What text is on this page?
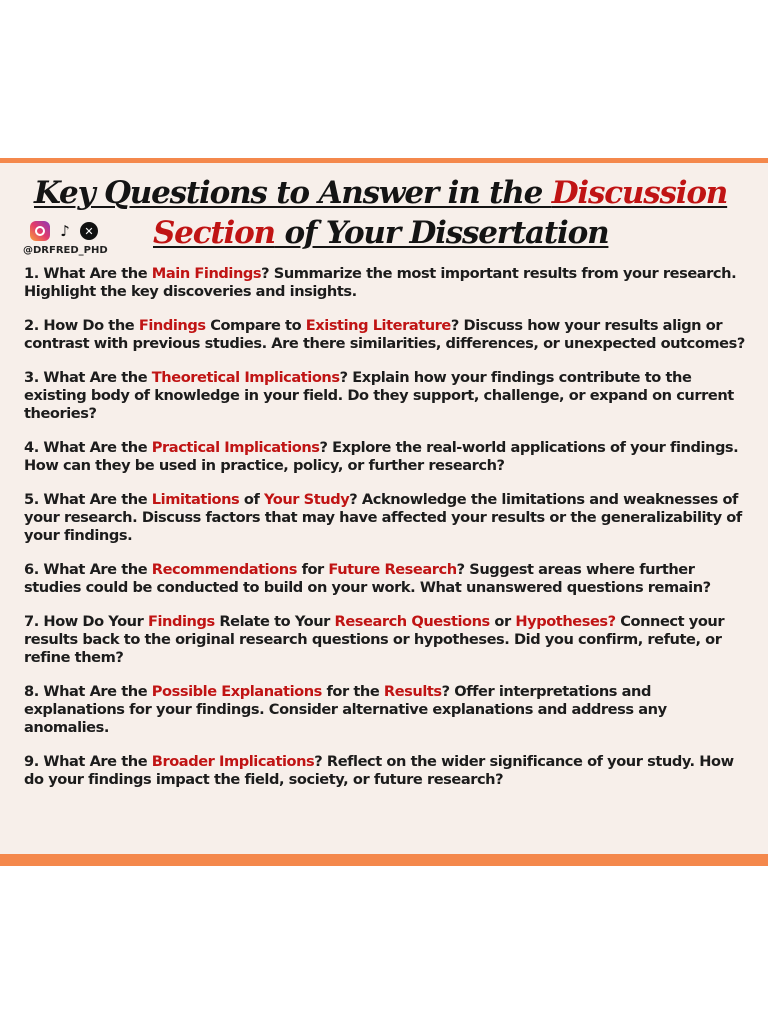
Key Questions to Answer in the Discussion
Section of Your Dissertation
♪	✕
@DRFRED_PHD

1. What Are the Main Findings? Summarize the most important results from your research. Highlight the key discoveries and insights.

2. How Do the Findings Compare to Existing Literature? Discuss how your results align or contrast with previous studies. Are there similarities, differences, or unexpected outcomes?

3. What Are the Theoretical Implications? Explain how your findings contribute to the existing body of knowledge in your field. Do they support, challenge, or expand on current theories?

4. What Are the Practical Implications? Explore the real-world applications of your findings. How can they be used in practice, policy, or further research?

5. What Are the Limitations of Your Study? Acknowledge the limitations and weaknesses of your research. Discuss factors that may have affected your results or the generalizability of your findings.

6. What Are the Recommendations for Future Research? Suggest areas where further studies could be conducted to build on your work. What unanswered questions remain?

7. How Do Your Findings Relate to Your Research Questions or Hypotheses? Connect your results back to the original research questions or hypotheses. Did you confirm, refute, or refine them?

8. What Are the Possible Explanations for the Results? Offer interpretations and explanations for your findings. Consider alternative explanations and address any anomalies.

9. What Are the Broader Implications? Reflect on the wider significance of your study. How do your findings impact the field, society, or future research?
